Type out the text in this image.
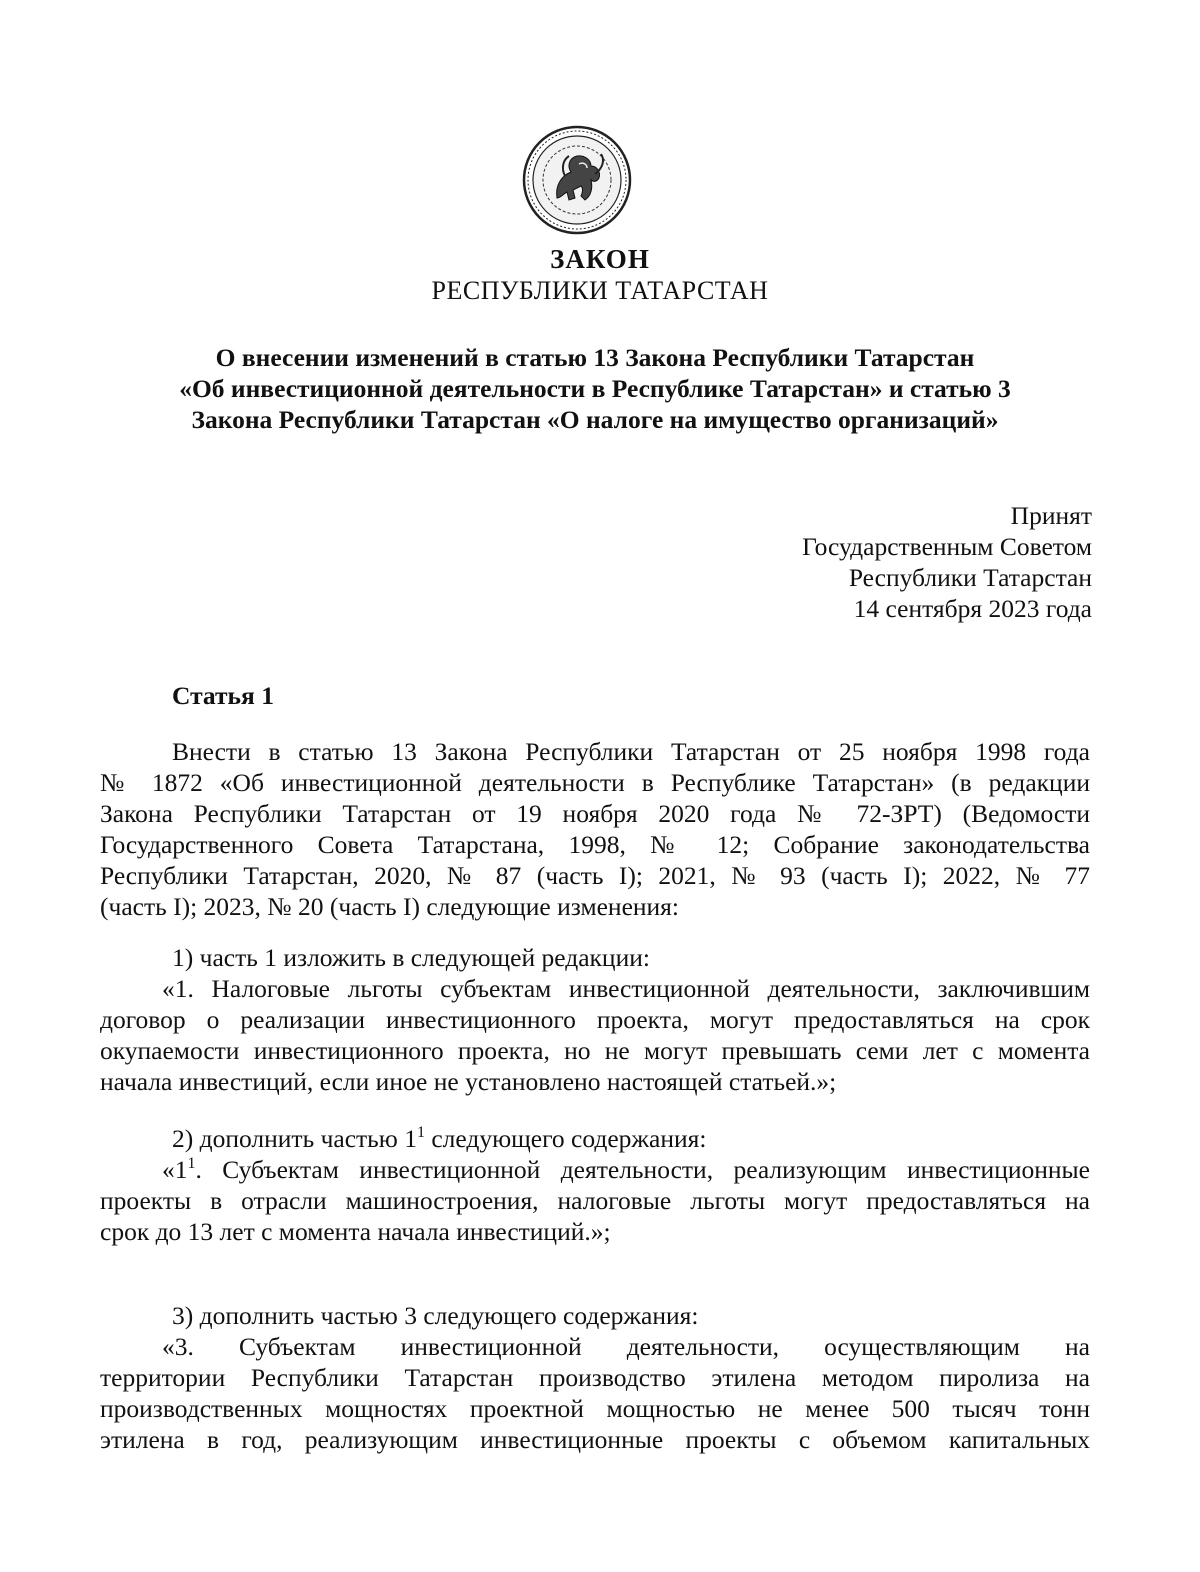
ЗАКОН
РЕСПУБЛИКИ ТАТАРСТАН
О внесении изменений в статью 13 Закона Республики Татарстан
«Об инвестиционной деятельности в Республике Татарстан» и статью 3
Закона Республики Татарстан «О налоге на имущество организаций»
Принят
Государственным Советом
Республики Татарстан
14 сентября 2023 года
Статья 1
Внести в статью 13 Закона Республики Татарстан от 25 ноября 1998 года
№ 1872 «Об инвестиционной деятельности в Республике Татарстан» (в редакции
Закона Республики Татарстан от 19 ноября 2020 года № 72-ЗРТ) (Ведомости
Государственного Совета Татарстана, 1998, № 12; Собрание законодательства
Республики Татарстан, 2020, № 87 (часть I); 2021, № 93 (часть I); 2022, № 77
(часть I); 2023, № 20 (часть I) следующие изменения:
1) часть 1 изложить в следующей редакции:
«1. Налоговые льготы субъектам инвестиционной деятельности, заключившим
договор о реализации инвестиционного проекта, могут предоставляться на срок
окупаемости инвестиционного проекта, но не могут превышать семи лет с момента
начала инвестиций, если иное не установлено настоящей статьей.»;
2) дополнить частью $1^1$ следующего содержания:
«$1^1$. Субъектам инвестиционной деятельности, реализующим инвестиционные
проекты в отрасли машиностроения, налоговые льготы могут предоставляться на
срок до 13 лет с момента начала инвестиций.»;
3) дополнить частью 3 следующего содержания:
«3. Субъектам инвестиционной деятельности, осуществляющим на
территории Республики Татарстан производство этилена методом пиролиза на
производственных мощностях проектной мощностью не менее 500 тысяч тонн
этилена в год, реализующим инвестиционные проекты с объемом капитальных
